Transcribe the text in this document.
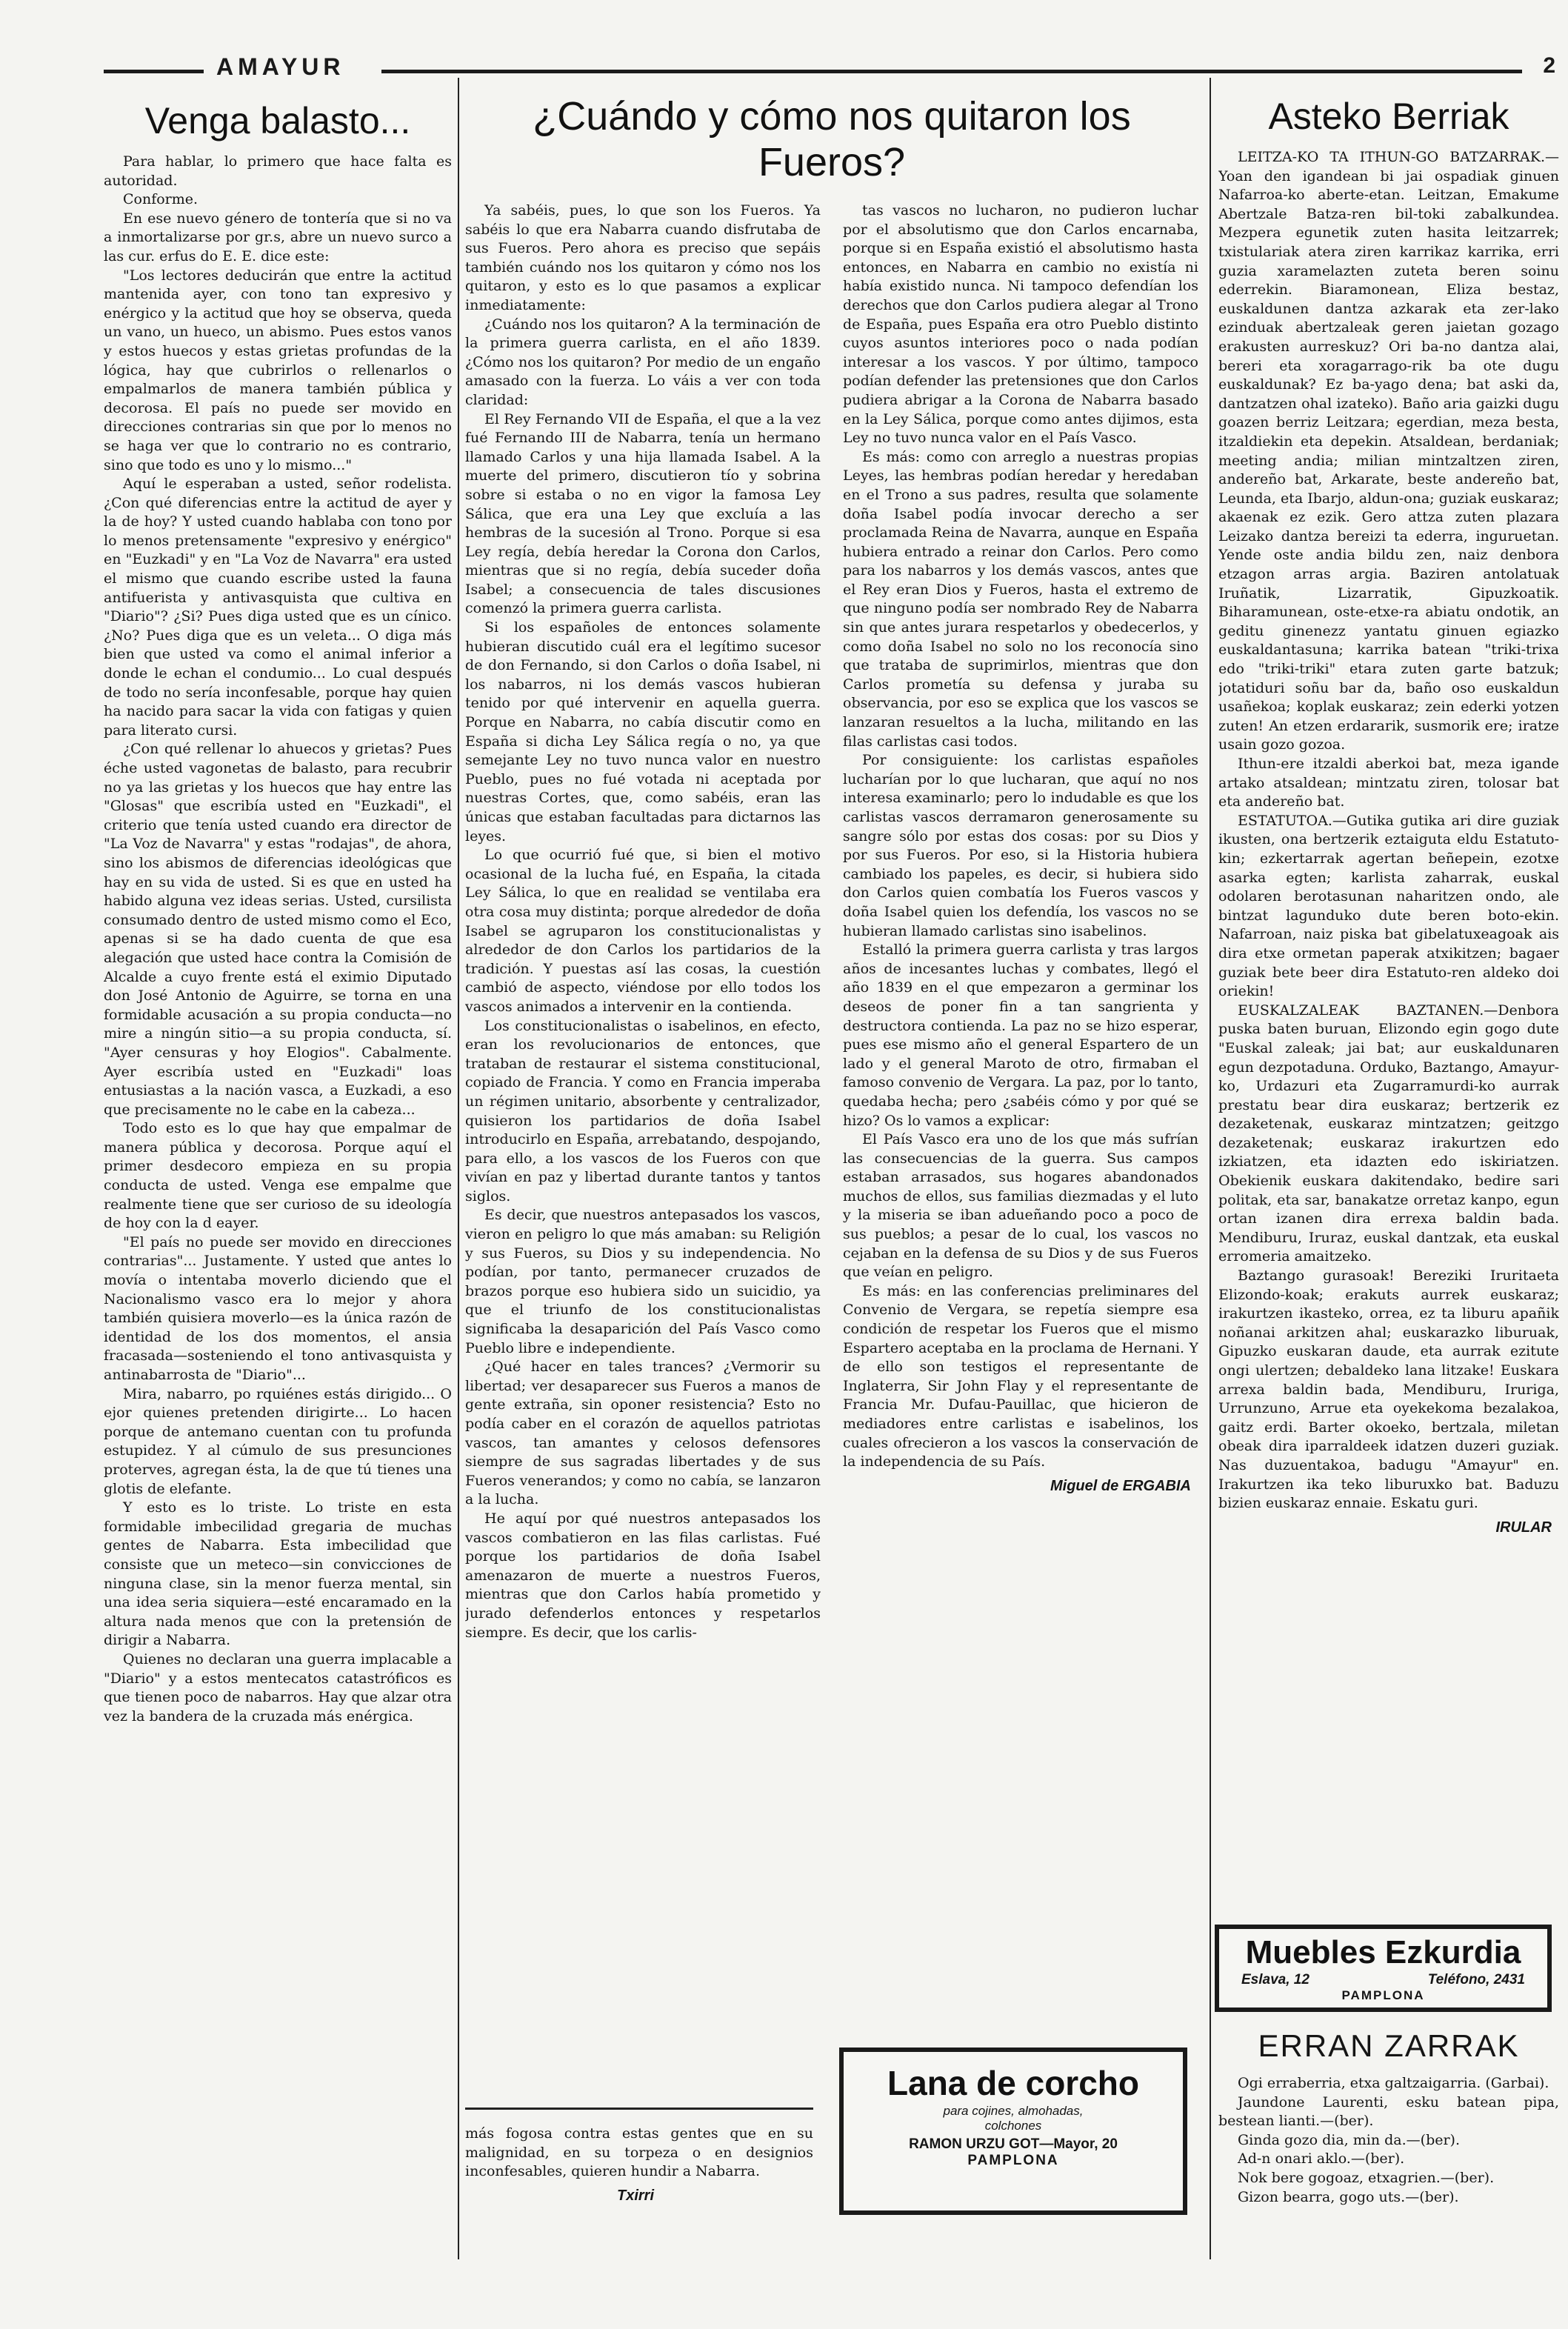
AMAYUR	2
Venga balasto...

Para hablar, lo primero que hace falta es autoridad.

Conforme.

En ese nuevo género de tontería que si no va a inmortalizarse por gr.s, abre un nuevo surco a las cur. erfus do E. E. dice este:

"Los lectores deducirán que entre la actitud mantenida ayer, con tono tan expresivo y enérgico y la actitud que hoy se observa, queda un vano, un hueco, un abismo. Pues estos vanos y estos huecos y estas grietas profundas de la lógica, hay que cubrirlos o rellenarlos o empalmarlos de manera también pública y decorosa. El país no puede ser movido en direcciones contrarias sin que por lo menos no se haga ver que lo contrario no es contrario, sino que todo es uno y lo mismo..."

Aquí le esperaban a usted, señor rodelista. ¿Con qué diferencias entre la actitud de ayer y la de hoy? Y usted cuando hablaba con tono por lo menos pretensamente "expresivo y enérgico" en "Euzkadi" y en "La Voz de Navarra" era usted el mismo que cuando escribe usted la fauna antifuerista y antivasquista que cultiva en "Diario"? ¿Si? Pues diga usted que es un cínico. ¿No? Pues diga que es un veleta... O diga más bien que usted va como el animal inferior a donde le echan el condumio... Lo cual después de todo no sería inconfesable, porque hay quien ha nacido para sacar la vida con fatigas y quien para literato cursi.

¿Con qué rellenar lo ahuecos y grietas? Pues éche usted vagonetas de balasto, para recubrir no ya las grietas y los huecos que hay entre las "Glosas" que escribía usted en "Euzkadi", el criterio que tenía usted cuando era director de "La Voz de Navarra" y estas "rodajas", de ahora, sino los abismos de diferencias ideológicas que hay en su vida de usted. Si es que en usted ha habido alguna vez ideas serias. Usted, cursilista consumado dentro de usted mismo como el Eco, apenas si se ha dado cuenta de que esa alegación que usted hace contra la Comisión de Alcalde a cuyo frente está el eximio Diputado don José Antonio de Aguirre, se torna en una formidable acusación a su propia conducta—no mire a ningún sitio—a su propia conducta, sí. "Ayer censuras y hoy Elogios". Cabalmente. Ayer escribía usted en "Euzkadi" loas entusiastas a la nación vasca, a Euzkadi, a eso que precisamente no le cabe en la cabeza...

Todo esto es lo que hay que empalmar de manera pública y decorosa. Porque aquí el primer desdecoro empieza en su propia conducta de usted. Venga ese empalme que realmente tiene que ser curioso de su ideología de hoy con la d eayer.

"El país no puede ser movido en direcciones contrarias"... Justamente. Y usted que antes lo movía o intentaba moverlo diciendo que el Nacionalismo vasco era lo mejor y ahora también quisiera moverlo—es la única razón de identidad de los dos momentos, el ansia fracasada—sosteniendo el tono antivasquista y antinabarrosta de "Diario"...

Mira, nabarro, po rquiénes estás dirigido... O ejor quienes pretenden dirigirte... Lo hacen porque de antemano cuentan con tu profunda estupidez. Y al cúmulo de sus presunciones proterves, agregan ésta, la de que tú tienes una glotis de elefante.

Y esto es lo triste. Lo triste en esta formidable imbecilidad gregaria de muchas gentes de Nabarra. Esta imbecilidad que consiste que un meteco—sin convicciones de ninguna clase, sin la menor fuerza mental, sin una idea seria siquiera—esté encaramado en la altura nada menos que con la pretensión de dirigir a Nabarra.

Quienes no declaran una guerra implacable a "Diario" y a estos mentecatos catastróficos es que tienen poco de nabarros. Hay que alzar otra vez la bandera de la cruzada más enérgica.

¿Cuándo y cómo nos quitaron los Fueros?

Ya sabéis, pues, lo que son los Fueros. Ya sabéis lo que era Nabarra cuando disfrutaba de sus Fueros. Pero ahora es preciso que sepáis también cuándo nos los quitaron y cómo nos los quitaron, y esto es lo que pasamos a explicar inmediatamente:

¿Cuándo nos los quitaron? A la terminación de la primera guerra carlista, en el año 1839. ¿Cómo nos los quitaron? Por medio de un engaño amasado con la fuerza. Lo váis a ver con toda claridad:

El Rey Fernando VII de España, el que a la vez fué Fernando III de Nabarra, tenía un hermano llamado Carlos y una hija llamada Isabel. A la muerte del primero, discutieron tío y sobrina sobre si estaba o no en vigor la famosa Ley Sálica, que era una Ley que excluía a las hembras de la sucesión al Trono. Porque si esa Ley regía, debía heredar la Corona don Carlos, mientras que si no regía, debía suceder doña Isabel; a consecuencia de tales discusiones comenzó la primera guerra carlista.

Si los españoles de entonces solamente hubieran discutido cuál era el legítimo sucesor de don Fernando, si don Carlos o doña Isabel, ni los nabarros, ni los demás vascos hubieran tenido por qué intervenir en aquella guerra. Porque en Nabarra, no cabía discutir como en España si dicha Ley Sálica regía o no, ya que semejante Ley no tuvo nunca valor en nuestro Pueblo, pues no fué votada ni aceptada por nuestras Cortes, que, como sabéis, eran las únicas que estaban facultadas para dictarnos las leyes.

Lo que ocurrió fué que, si bien el motivo ocasional de la lucha fué, en España, la citada Ley Sálica, lo que en realidad se ventilaba era otra cosa muy distinta; porque alrededor de doña Isabel se agruparon los constitucionalistas y alrededor de don Carlos los partidarios de la tradición. Y puestas así las cosas, la cuestión cambió de aspecto, viéndose por ello todos los vascos animados a intervenir en la contienda.

Los constitucionalistas o isabelinos, en efecto, eran los revolucionarios de entonces, que trataban de restaurar el sistema constitucional, copiado de Francia. Y como en Francia imperaba un régimen unitario, absorbente y centralizador, quisieron los partidarios de doña Isabel introducirlo en España, arrebatando, despojando, para ello, a los vascos de los Fueros con que vivían en paz y libertad durante tantos y tantos siglos.

Es decir, que nuestros antepasados los vascos, vieron en peligro lo que más amaban: su Religión y sus Fueros, su Dios y su independencia. No podían, por tanto, permanecer cruzados de brazos porque eso hubiera sido un suicidio, ya que el triunfo de los constitucionalistas significaba la desaparición del País Vasco como Pueblo libre e independiente.

¿Qué hacer en tales trances? ¿Vermorir su libertad; ver desaparecer sus Fueros a manos de gente extraña, sin oponer resistencia? Esto no podía caber en el corazón de aquellos patriotas vascos, tan amantes y celosos defensores siempre de sus sagradas libertades y de sus Fueros venerandos; y como no cabía, se lanzaron a la lucha.

He aquí por qué nuestros antepasados los vascos combatieron en las filas carlistas. Fué porque los partidarios de doña Isabel amenazaron de muerte a nuestros Fueros, mientras que don Carlos había prometido y jurado defenderlos entonces y respetarlos siempre. Es decir, que los carlis-

tas vascos no lucharon, no pudieron luchar por el absolutismo que don Carlos encarnaba, porque si en España existió el absolutismo hasta entonces, en Nabarra en cambio no existía ni había existido nunca. Ni tampoco defendían los derechos que don Carlos pudiera alegar al Trono de España, pues España era otro Pueblo distinto cuyos asuntos interiores poco o nada podían interesar a los vascos. Y por último, tampoco podían defender las pretensiones que don Carlos pudiera abrigar a la Corona de Nabarra basado en la Ley Sálica, porque como antes dijimos, esta Ley no tuvo nunca valor en el País Vasco.

Es más: como con arreglo a nuestras propias Leyes, las hembras podían heredar y heredaban en el Trono a sus padres, resulta que solamente doña Isabel podía invocar derecho a ser proclamada Reina de Navarra, aunque en España hubiera entrado a reinar don Carlos. Pero como para los nabarros y los demás vascos, antes que el Rey eran Dios y Fueros, hasta el extremo de que ninguno podía ser nombrado Rey de Nabarra sin que antes jurara respetarlos y obedecerlos, y como doña Isabel no solo no los reconocía sino que trataba de suprimirlos, mientras que don Carlos prometía su defensa y juraba su observancia, por eso se explica que los vascos se lanzaran resueltos a la lucha, militando en las filas carlistas casi todos.

Por consiguiente: los carlistas españoles lucharían por lo que lucharan, que aquí no nos interesa examinarlo; pero lo indudable es que los carlistas vascos derramaron generosamente su sangre sólo por estas dos cosas: por su Dios y por sus Fueros. Por eso, si la Historia hubiera cambiado los papeles, es decir, si hubiera sido don Carlos quien combatía los Fueros vascos y doña Isabel quien los defendía, los vascos no se hubieran llamado carlistas sino isabelinos.

Estalló la primera guerra carlista y tras largos años de incesantes luchas y combates, llegó el año 1839 en el que empezaron a germinar los deseos de poner fin a tan sangrienta y destructora contienda. La paz no se hizo esperar, pues ese mismo año el general Espartero de un lado y el general Maroto de otro, firmaban el famoso convenio de Vergara. La paz, por lo tanto, quedaba hecha; pero ¿sabéis cómo y por qué se hizo? Os lo vamos a explicar:

El País Vasco era uno de los que más sufrían las consecuencias de la guerra. Sus campos estaban arrasados, sus hogares abandonados muchos de ellos, sus familias diezmadas y el luto y la miseria se iban adueñando poco a poco de sus pueblos; a pesar de lo cual, los vascos no cejaban en la defensa de su Dios y de sus Fueros que veían en peligro.

Es más: en las conferencias preliminares del Convenio de Vergara, se repetía siempre esa condición de respetar los Fueros que el mismo Espartero aceptaba en la proclama de Hernani. Y de ello son testigos el representante de Inglaterra, Sir John Flay y el representante de Francia Mr. Dufau-Pauillac, que hicieron de mediadores entre carlistas e isabelinos, los cuales ofrecieron a los vascos la conservación de la independencia de su País.

Miguel de ERGABIA

más fogosa contra estas gentes que en su malignidad, en su torpeza o en designios inconfesables, quieren hundir a Nabarra.

Txirri
Lana de corcho
para cojines, almohadas,
colchones
RAMON URZU GOT—Mayor, 20
PAMPLONA
Asteko Berriak

LEITZA-KO TA ITHUN-GO BATZARRAK.—Yoan den igandean bi jai ospadiak ginuen Nafarroa-ko aberte-etan. Leitzan, Emakume Abertzale Batza-ren bil-toki zabalkundea. Mezpera egunetik zuten hasita leitzarrek; txistulariak atera ziren karrikaz karrika, erri guzia xaramelazten zuteta beren soinu ederrekin. Biaramonean, Eliza bestaz, euskaldunen dantza azkarak eta zer-lako ezinduak abertzaleak geren jaietan gozago erakusten aurreskuz? Ori ba-no dantza alai, bereri eta xoragarrago-rik ba ote dugu euskaldunak? Ez ba-yago dena; bat aski da, dantzatzen ohal izateko). Baño aria gaizki dugu goazen berriz Leitzara; egerdian, meza besta, itzaldiekin eta depekin. Atsaldean, berdaniak; meeting andia; milian mintzaltzen ziren, andereño bat, Arkarate, beste andereño bat, Leunda, eta Ibarjo, aldun-ona; guziak euskaraz; akaenak ez ezik. Gero attza zuten plazara Leizako dantza bereizi ta ederra, inguruetan. Yende oste andia bildu zen, naiz denbora etzagon arras argia. Baziren antolatuak Iruñatik, Lizarratik, Gipuzkoatik. Biharamunean, oste-etxe-ra abiatu ondotik, an geditu ginenezz yantatu ginuen egiazko euskaldantasuna; karrika batean "triki-trixa edo "triki-triki" etara zuten garte batzuk; jotatiduri soñu bar da, baño oso euskaldun usañekoa; koplak euskaraz; zein ederki yotzen zuten! An etzen erdararik, susmorik ere; iratze usain gozo gozoa.

Ithun-ere itzaldi aberkoi bat, meza igande artako atsaldean; mintzatu ziren, tolosar bat eta andereño bat.

ESTATUTOA.—Gutika gutika ari dire guziak ikusten, ona bertzerik eztaiguta eldu Estatuto-kin; ezkertarrak agertan beñepein, ezotxe asarka egten; karlista zaharrak, euskal odolaren berotasunan naharitzen ondo, ale bintzat lagunduko dute beren boto-ekin. Nafarroan, naiz piska bat gibelatuxeagoak ais dira etxe ormetan paperak atxikitzen; bagaer guziak bete beer dira Estatuto-ren aldeko doi oriekin!

EUSKALZALEAK BAZTANEN.—Denbora puska baten buruan, Elizondo egin gogo dute "Euskal zaleak; jai bat; aur euskaldunaren egun dezpotaduna. Orduko, Baztango, Amayur-ko, Urdazuri eta Zugarramurdi-ko aurrak prestatu bear dira euskaraz; bertzerik ez dezaketenak, euskaraz mintzatzen; geitzgo dezaketenak; euskaraz irakurtzen edo izkiatzen, eta idazten edo iskiriatzen. Obekienik euskara dakitendako, bedire sari politak, eta sar, banakatze orretaz kanpo, egun ortan izanen dira errexa baldin bada. Mendiburu, Iruraz, euskal dantzak, eta euskal erromeria amaitzeko.

Baztango gurasoak! Bereziki Iruritaeta Elizondo-koak; erakuts aurrek euskaraz; irakurtzen ikasteko, orrea, ez ta liburu apañik noñanai arkitzen ahal; euskarazko liburuak, Gipuzko euskaran daude, eta aurrak ezitute ongi ulertzen; debaldeko lana litzake! Euskara arrexa baldin bada, Mendiburu, Iruriga, Urrunzuno, Arrue eta oyekekoma bezalakoa, gaitz erdi. Barter okoeko, bertzala, miletan obeak dira iparraldeek idatzen duzeri guziak. Nas duzuentakoa, badugu "Amayur" en. Irakurtzen ika teko liburuxko bat. Baduzu bizien euskaraz ennaie. Eskatu guri.

IRULAR
Muebles Ezkurdia
Eslava, 12	Teléfono, 2431
PAMPLONA
ERRAN ZARRAK

Ogi erraberria, etxa galtzaigarria. (Garbai).

Jaundone Laurenti, esku batean pipa, bestean lianti.—(ber).

Ginda gozo dia, min da.—(ber).

Ad-n onari aklo.—(ber).

Nok bere gogoaz, etxagrien.—(ber).

Gizon bearra, gogo uts.—(ber).
